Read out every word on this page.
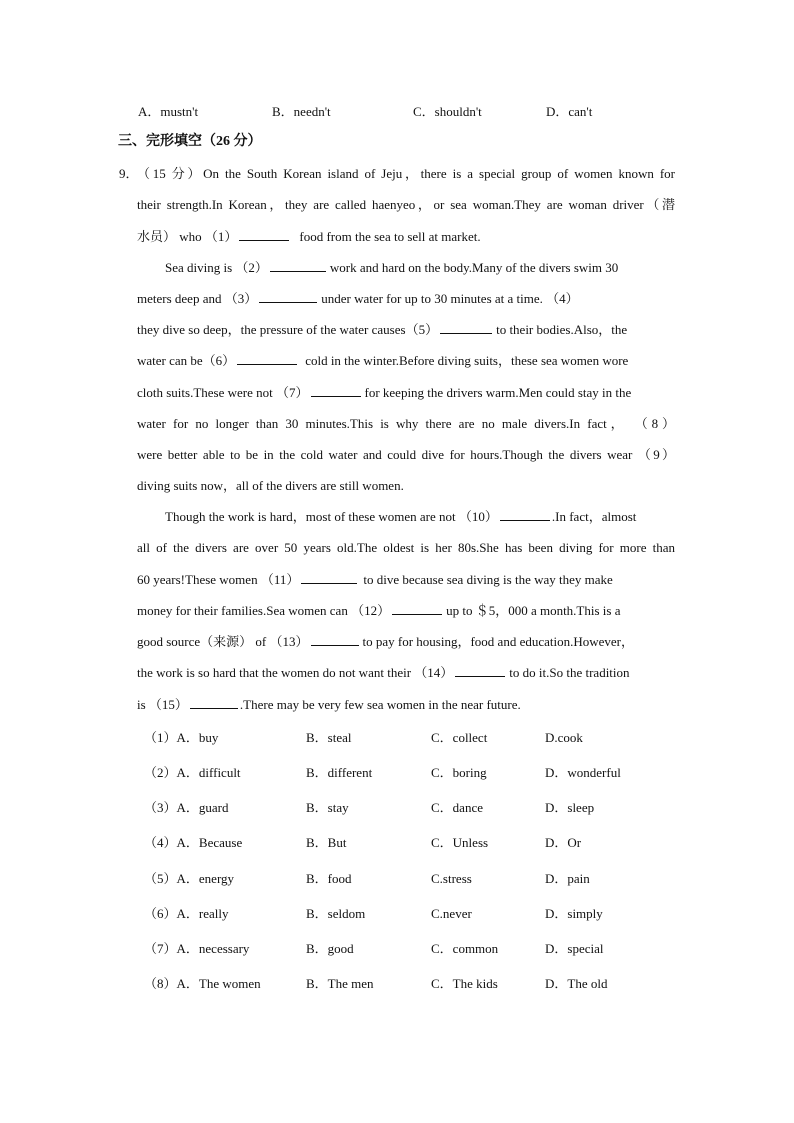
A．mustn't	B．needn't	C．shouldn't	D．can't
三、完形填空（26 分）
9．
（15 分）On the South Korean island of Jeju，there is a special group of women known for
their strength.In Korean，they are called haenyeo，or sea woman.They are woman driver（潜
水员） who （1）	food from the sea to sell at market.
Sea diving is （2）	work and hard on the body.Many of the divers swim 30
meters deep and （3）	under water for up to 30 minutes at a time. （4）
they dive so deep，the pressure of the water causes（5）	to their bodies.Also，the
water can be（6）	cold in the winter.Before diving suits，these sea women wore
cloth suits.These were not （7）	for keeping the drivers warm.Men could stay in the
water for no longer than 30 minutes.This is why there are no male divers.In fact， （8）
were better able to be in the cold water and could dive for hours.Though the divers wear （9）
diving suits now，all of the divers are still women.
Though the work is hard，most of these women are not （10）	.In fact，almost
all of the divers are over 50 years old.The oldest is her 80s.She has been diving for more than
60 years!These women （11）	to dive because sea diving is the way they make
money for their families.Sea women can （12）	up to ＄5，000 a month.This is a
good source（来源） of （13）	to pay for housing，food and education.However，
the work is so hard that the women do not want their （14）	to do it.So the tradition
is （15）	.There may be very few sea women in the near future.
（1）A．buy	B．steal	C．collect	D.cook
（2）A．difficult	B．different	C．boring	D．wonderful
（3）A．guard	B．stay	C．dance	D．sleep
（4）A．Because	B．But	C．Unless	D．Or
（5）A．energy	B．food	C.stress	D．pain
（6）A．really	B．seldom	C.never	D．simply
（7）A．necessary	B．good	C．common	D．special
（8）A．The women	B．The men	C．The kids	D．The old
